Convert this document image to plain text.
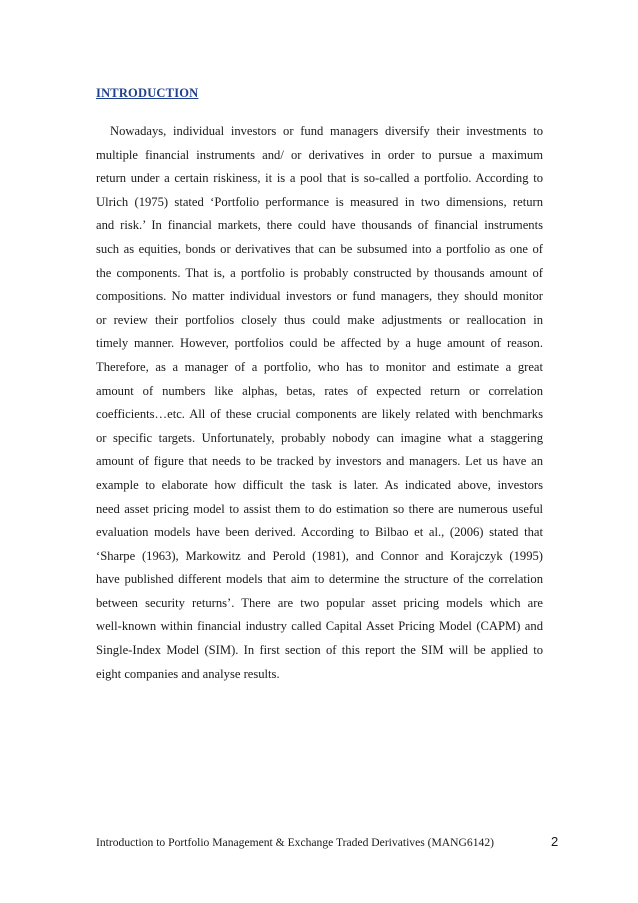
INTRODUCTION
Nowadays, individual investors or fund managers diversify their investments to
multiple financial instruments and/ or derivatives in order to pursue a maximum
return under a certain riskiness, it is a pool that is so-called a portfolio. According to
Ulrich (1975) stated ‘Portfolio performance is measured in two dimensions, return
and risk.’ In financial markets, there could have thousands of financial instruments
such as equities, bonds or derivatives that can be subsumed into a portfolio as one of
the components. That is, a portfolio is probably constructed by thousands amount of
compositions. No matter individual investors or fund managers, they should monitor
or review their portfolios closely thus could make adjustments or reallocation in
timely manner. However, portfolios could be affected by a huge amount of reason.
Therefore, as a manager of a portfolio, who has to monitor and estimate a great
amount of numbers like alphas, betas, rates of expected return or correlation
coefficients…etc. All of these crucial components are likely related with benchmarks
or specific targets. Unfortunately, probably nobody can imagine what a staggering
amount of figure that needs to be tracked by investors and managers. Let us have an
example to elaborate how difficult the task is later. As indicated above, investors
need asset pricing model to assist them to do estimation so there are numerous useful
evaluation models have been derived. According to Bilbao et al., (2006) stated that
‘Sharpe (1963), Markowitz and Perold (1981), and Connor and Korajczyk (1995)
have published different models that aim to determine the structure of the correlation
between security returns’. There are two popular asset pricing models which are
well-known within financial industry called Capital Asset Pricing Model (CAPM) and
Single-Index Model (SIM). In first section of this report the SIM will be applied to
eight companies and analyse results.
Introduction to Portfolio Management & Exchange Traded Derivatives (MANG6142)	2
